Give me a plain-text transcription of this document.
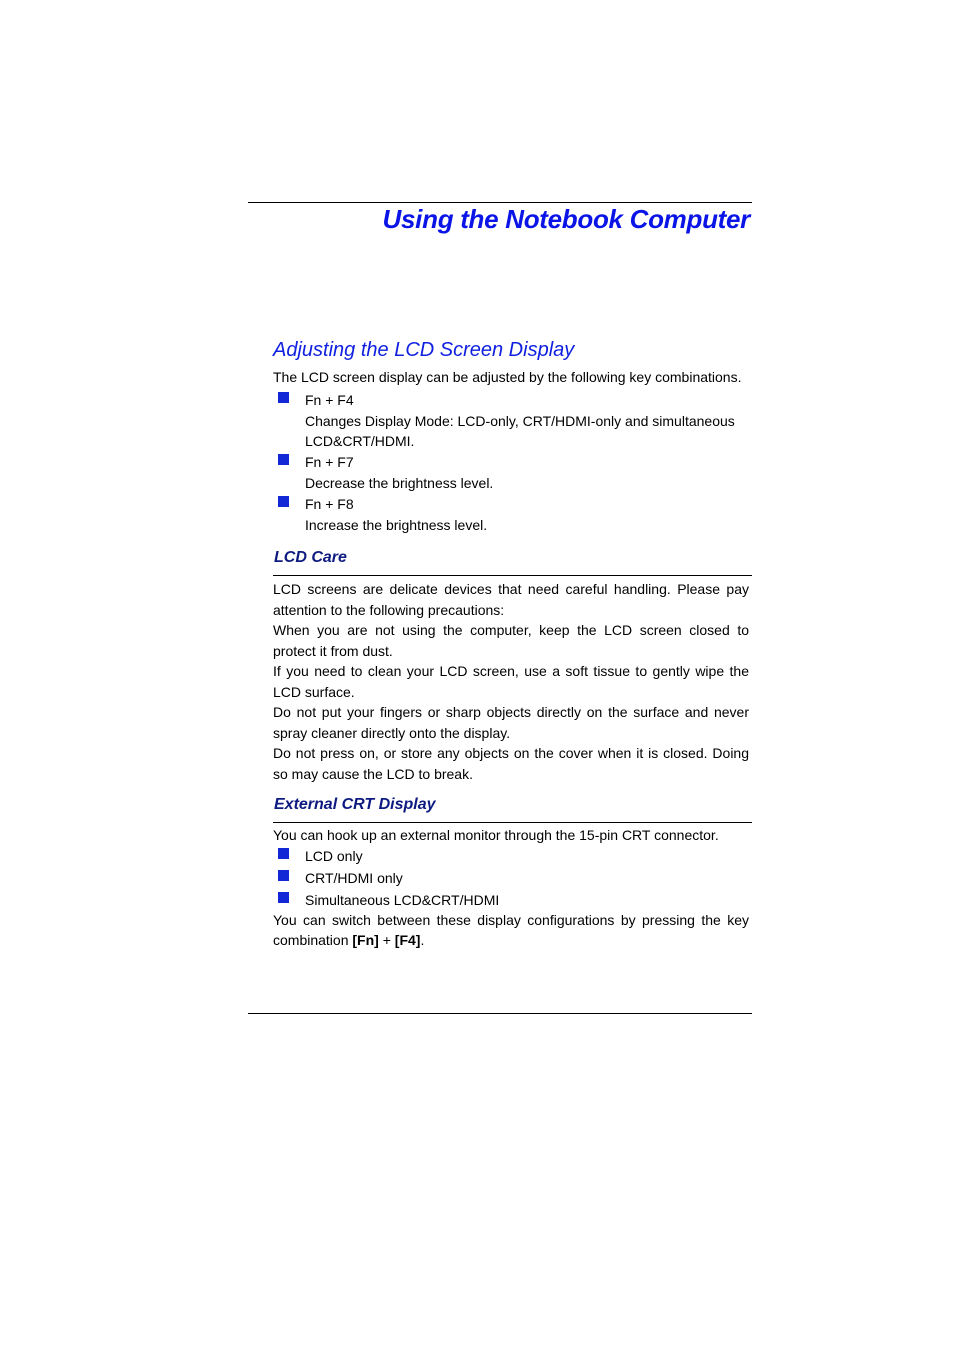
Using the Notebook Computer
Adjusting the LCD Screen Display

The LCD screen display can be adjusted by the following key combinations.

Fn + F4
Changes Display Mode: LCD-only, CRT/HDMI-only and simultaneous LCD&CRT/HDMI.
Fn + F7
Decrease the brightness level.
Fn + F8
Increase the brightness level.
LCD Care

LCD screens are delicate devices that need careful handling. Please pay attention to the following precautions:

When you are not using the computer, keep the LCD screen closed to protect it from dust.

If you need to clean your LCD screen, use a soft tissue to gently wipe the LCD surface.

Do not put your fingers or sharp objects directly on the surface and never spray cleaner directly onto the display.

Do not press on, or store any objects on the cover when it is closed. Doing so may cause the LCD to break.

External CRT Display

You can hook up an external monitor through the 15-pin CRT connector.

LCD only
CRT/HDMI only
Simultaneous LCD&CRT/HDMI

You can switch between these display configurations by pressing the key combination [Fn] + [F4].
